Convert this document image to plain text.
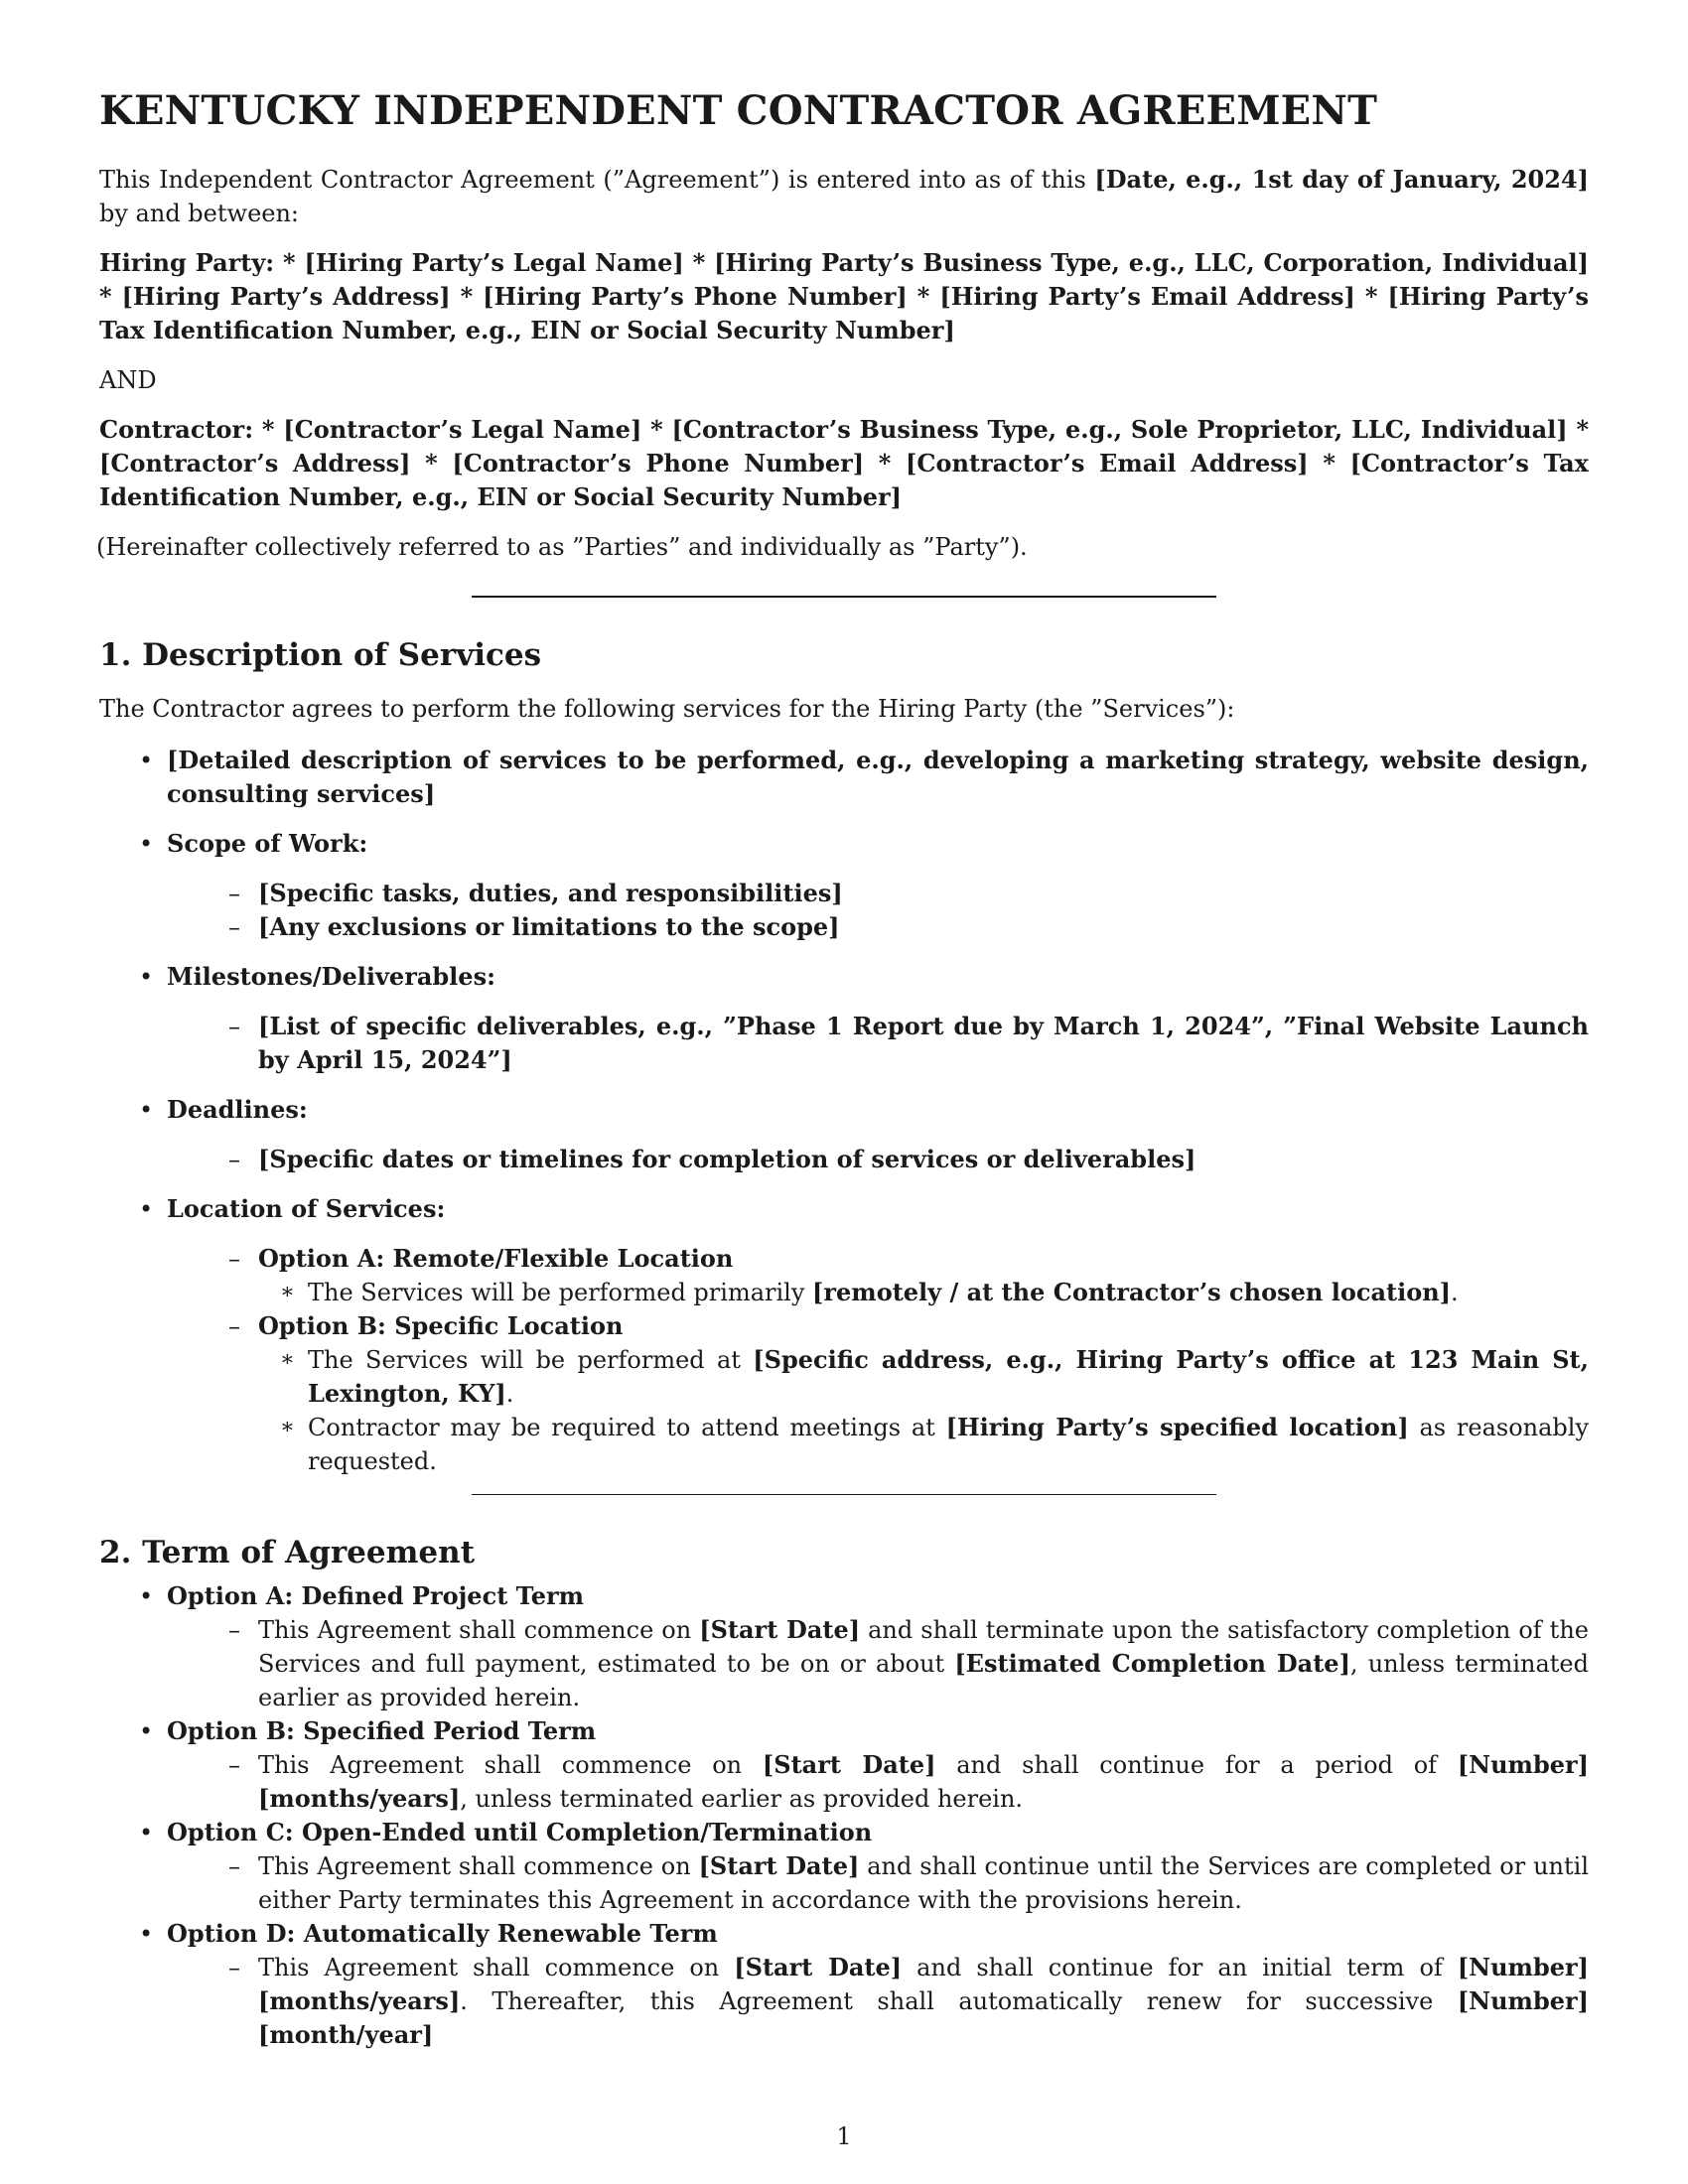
KENTUCKY INDEPENDENT CONTRACTOR AGREEMENT

This Independent Contractor Agreement (”Agreement”) is entered into as of this [Date, e.g., 1st day of January, 2024] by and between:

Hiring Party: * [Hiring Party’s Legal Name] * [Hiring Party’s Business Type, e.g., LLC, Corporation, Individual] * [Hiring Party’s Address] * [Hiring Party’s Phone Number] * [Hiring Party’s Email Address] * [Hiring Party’s Tax Identification Number, e.g., EIN or Social Security Number]

AND

Contractor: * [Contractor’s Legal Name] * [Contractor’s Business Type, e.g., Sole Proprietor, LLC, Individual] * [Contractor’s Address] * [Contractor’s Phone Number] * [Contractor’s Email Address] * [Contractor’s Tax Identification Number, e.g., EIN or Social Security Number]

(Hereinafter collectively referred to as ”Parties” and individually as ”Party”).

1. Description of Services

The Contractor agrees to perform the following services for the Hiring Party (the ”Services”):

• [Detailed description of services to be performed, e.g., developing a marketing strategy, website design, consulting services]
• Scope of Work:
– [Specific tasks, duties, and responsibilities]
– [Any exclusions or limitations to the scope]
• Milestones/Deliverables:
– [List of specific deliverables, e.g., ”Phase 1 Report due by March 1, 2024”, ”Final Website Launch by April 15, 2024”]
• Deadlines:
– [Specific dates or timelines for completion of services or deliverables]
• Location of Services:
– Option A: Remote/Flexible Location
∗ The Services will be performed primarily [remotely / at the Contractor’s chosen location].
– Option B: Specific Location
∗ The Services will be performed at [Specific address, e.g., Hiring Party’s office at 123 Main St, Lexington, KY].
∗ Contractor may be required to attend meetings at [Hiring Party’s specified location] as reasonably requested.
2. Term of Agreement
• Option A: Defined Project Term
– This Agreement shall commence on [Start Date] and shall terminate upon the satisfactory completion of the Services and full payment, estimated to be on or about [Estimated Completion Date], unless terminated earlier as provided herein.
• Option B: Specified Period Term
– This Agreement shall commence on [Start Date] and shall continue for a period of [Number] [months/years], unless terminated earlier as provided herein.
• Option C: Open-Ended until Completion/Termination
– This Agreement shall commence on [Start Date] and shall continue until the Services are completed or until either Party terminates this Agreement in accordance with the provisions herein.
• Option D: Automatically Renewable Term
– This Agreement shall commence on [Start Date] and shall continue for an initial term of [Number] [months/years]. Thereafter, this Agreement shall automatically renew for successive [Number] [month/year]
1
